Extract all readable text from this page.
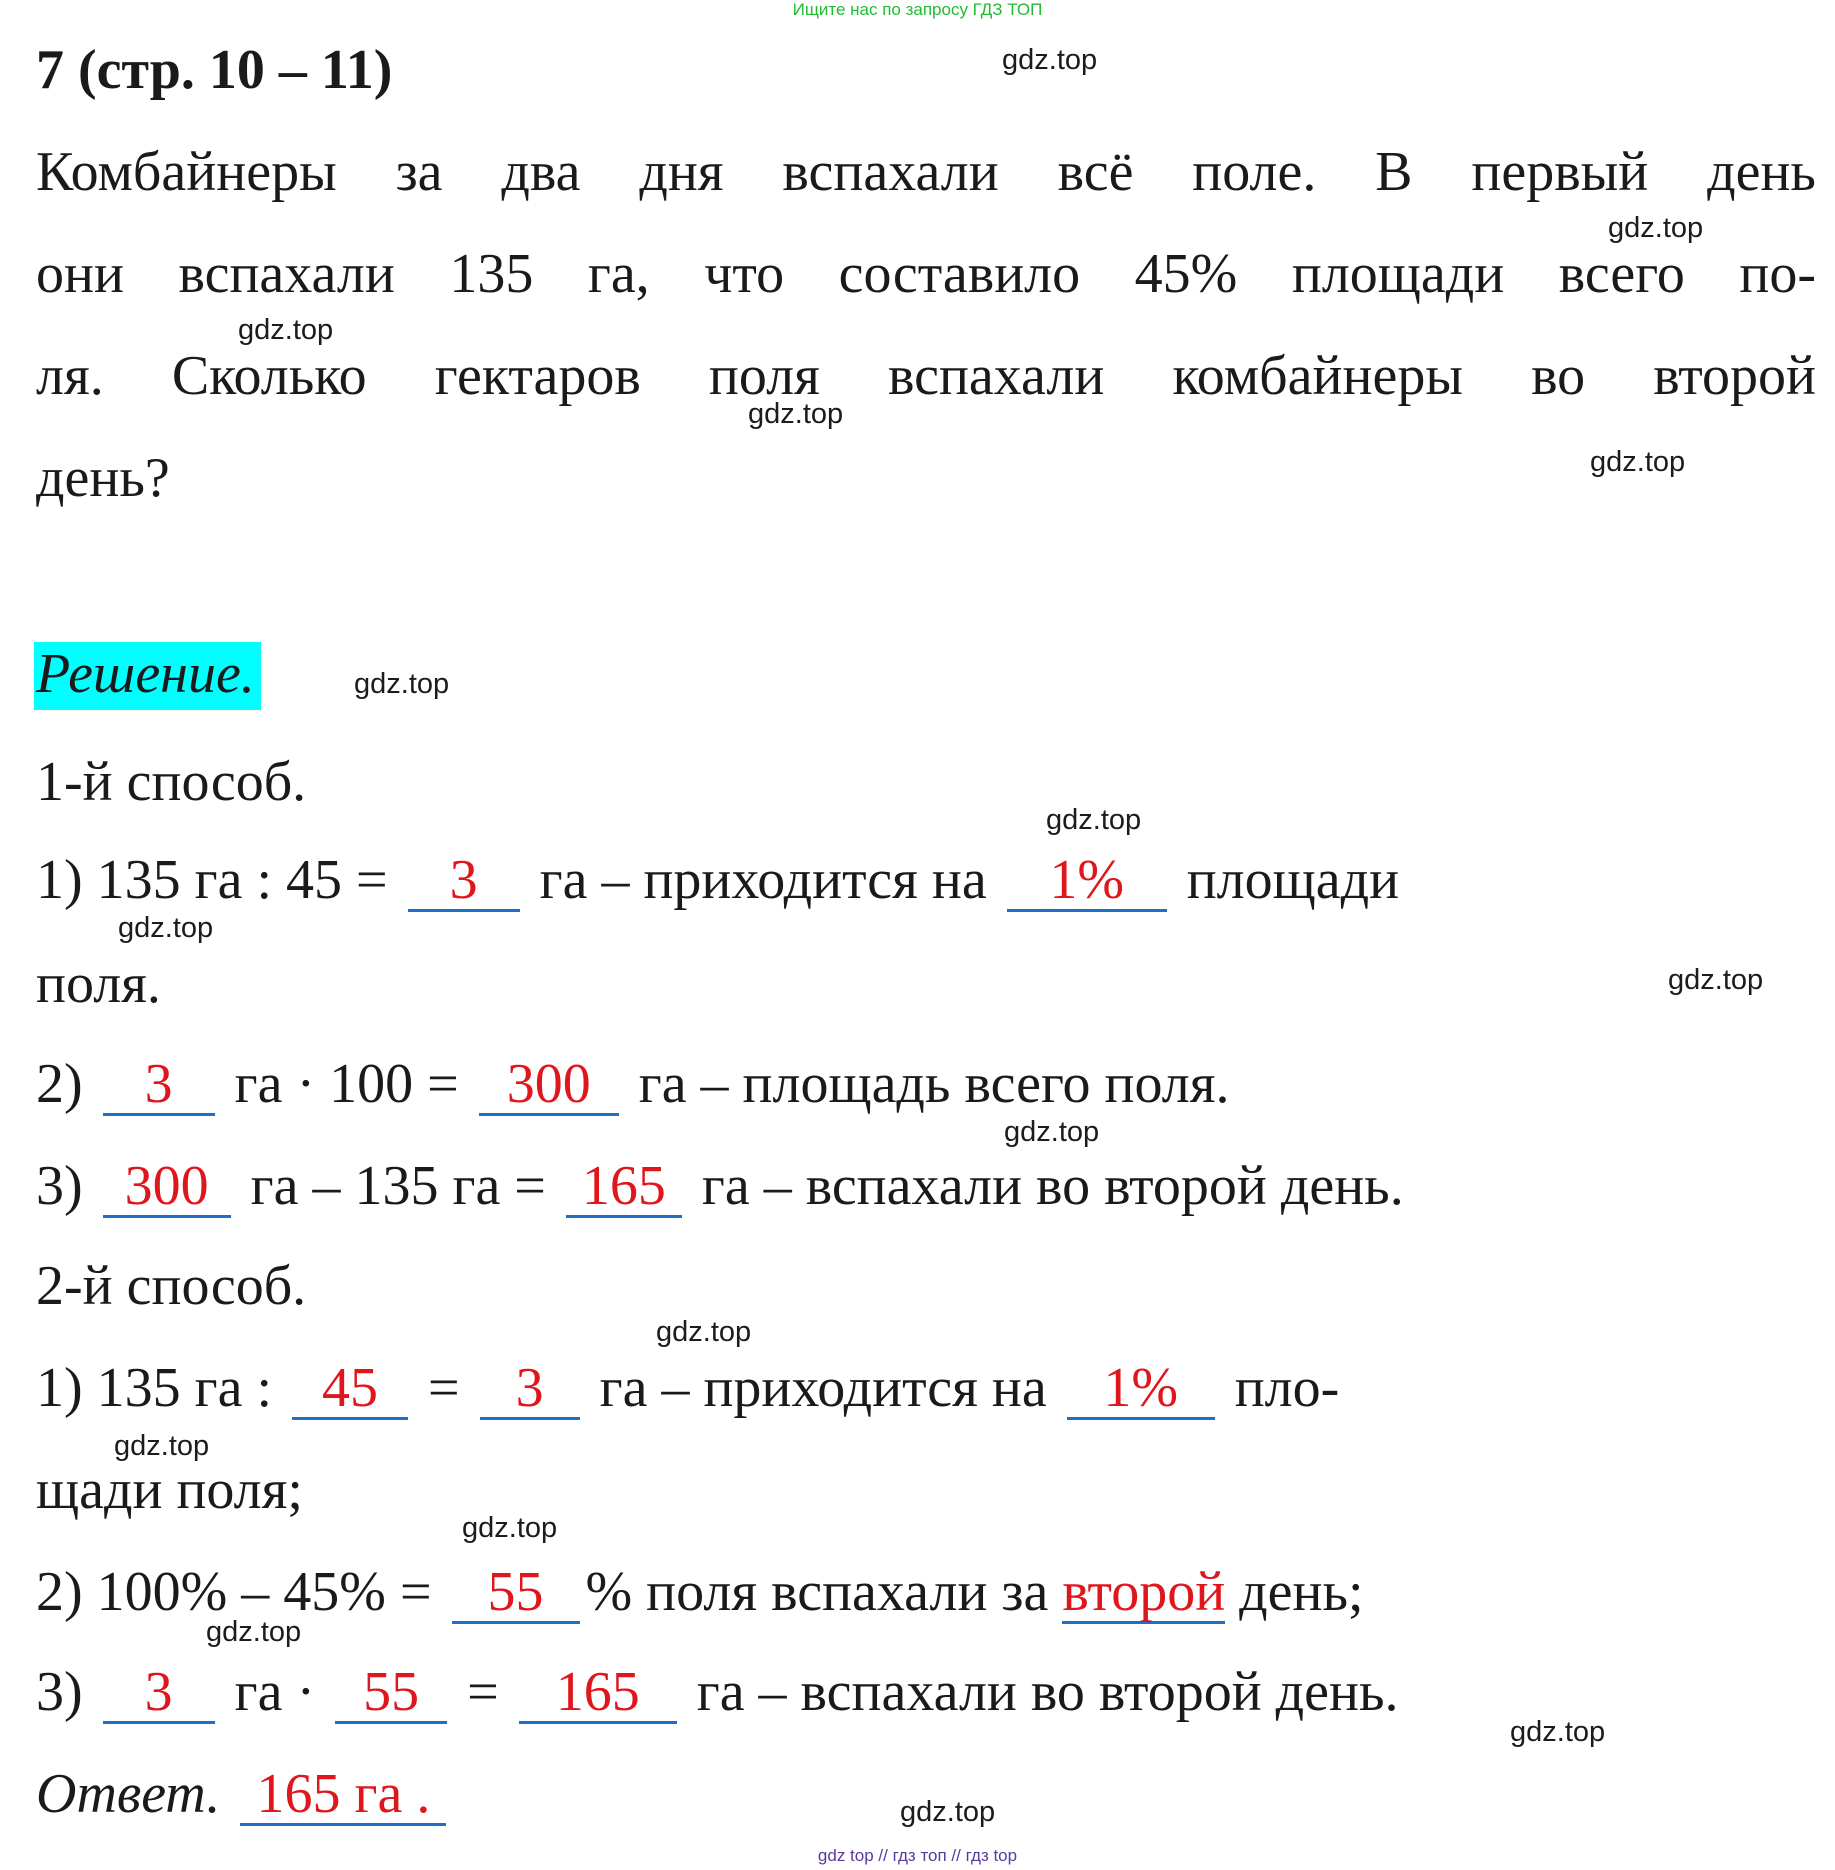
Ищите нас по запросу ГДЗ ТОП
7 (стр. 10 – 11)
Комбайнеры за два дня вспахали всё поле. В первый день
они вспахали 135 га, что составило 45% площади всего по-
ля. Сколько гектаров поля вспахали комбайнеры во второй
день?
Решение.
1-й способ.
1) 135 га : 45 = 3 га – приходится на 1% площади
поля.
2) 3 га · 100 = 300 га – площадь всего поля.
3) 300 га – 135 га = 165 га – вспахали во второй день.
2-й способ.
1) 135 га : 45 = 3 га – приходится на 1% пло-
щади поля;
2) 100% – 45% = 55 % поля вспахали за второй день;
3) 3 га · 55 = 165 га – вспахали во второй день.
Ответ. 165 га .
gdz.top
gdz.top
gdz.top
gdz.top
gdz.top
gdz.top
gdz.top
gdz.top
gdz.top
gdz.top
gdz.top
gdz.top
gdz.top
gdz.top
gdz.top
gdz.top
gdz top // гдз топ // гдз top
